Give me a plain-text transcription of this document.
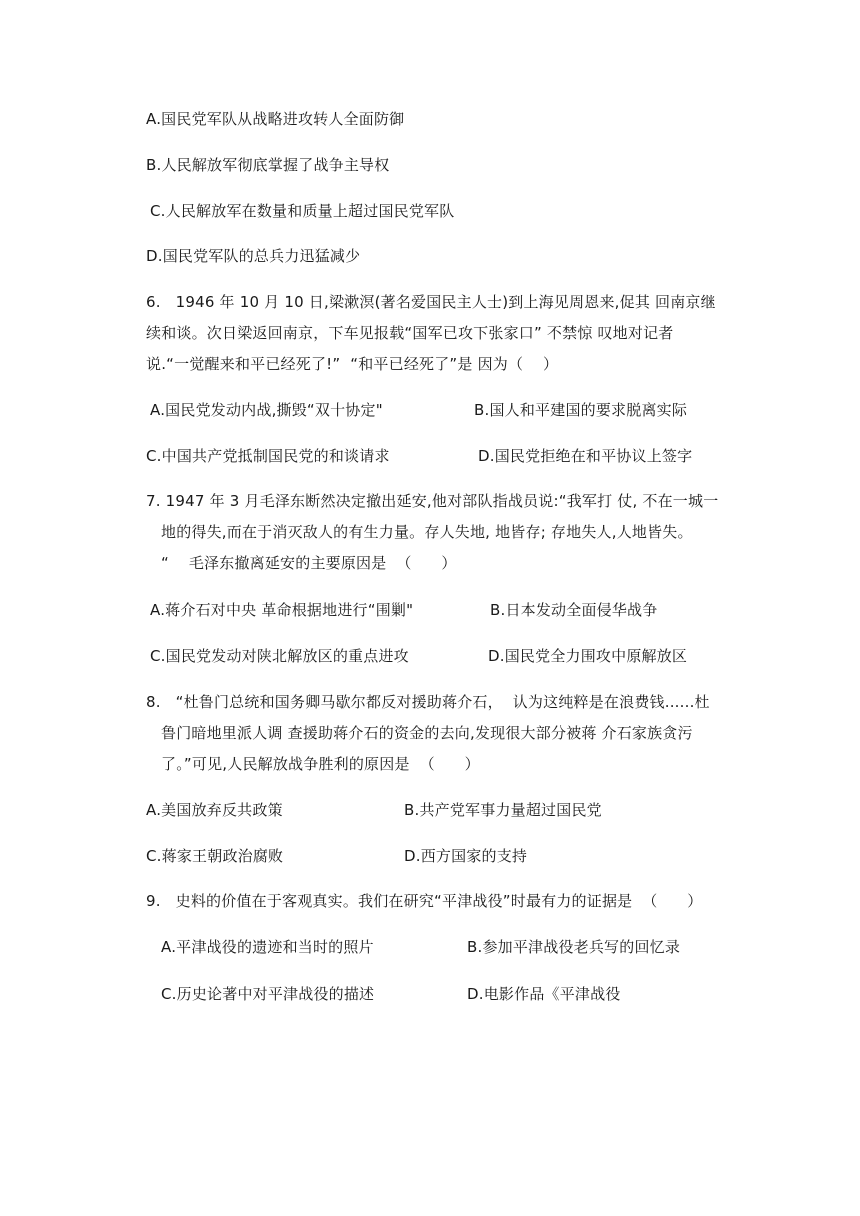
A.国民党军队从战略进攻转人全面防御
B.人民解放军彻底掌握了战争主导权
C.人民解放军在数量和质量上超过国民党军队
D.国民党军队的总兵力迅猛减少
6.   1946 年 10 月 10 日,梁漱溟(著名爱国民主人士)到上海见周恩来,促其 回南京继
续和谈。次日梁返回南京，下车见报载“国军已攻下张家口” 不禁惊 叹地对记者
说.“一觉醒来和平已经死了!”  “和平已经死了”是 因为（    ）
A.国民党发动内战,撕毁“双十协定"	B.国人和平建国的要求脱离实际
C.中国共产党抵制国民党的和谈请求	D.国民党拒绝在和平协议上签字
7. 1947 年 3 月毛泽东断然决定撤出延安,他对部队指战员说:“我军打 仗, 不在一城一
地的得失,而在于消灭敌人的有生力量。存人失地, 地皆存; 存地失人,人地皆失。
“    毛泽东撤离延安的主要原因是  （      ）
A.蒋介石对中央 革命根据地进行“围剿"	B.日本发动全面侵华战争
C.国民党发动对陕北解放区的重点进攻	D.国民党全力围攻中原解放区
8.   “杜鲁门总统和国务卿马歇尔都反对援助蒋介石，  认为这纯粹是在浪费钱......杜
鲁门暗地里派人调 查援助蒋介石的资金的去向,发现很大部分被蒋 介石家族贪污
了。”可见,人民解放战争胜利的原因是  （      ）
A.美国放弃反共政策	B.共产党军事力量超过国民党
C.蒋家王朝政治腐败	D.西方国家的支持
9.   史料的价值在于客观真实。我们在研究“平津战役”时最有力的证据是  （      ）
A.平津战役的遗迹和当时的照片	B.参加平津战役老兵写的回忆录
C.历史论著中对平津战役的描述	D.电影作品《平津战役
